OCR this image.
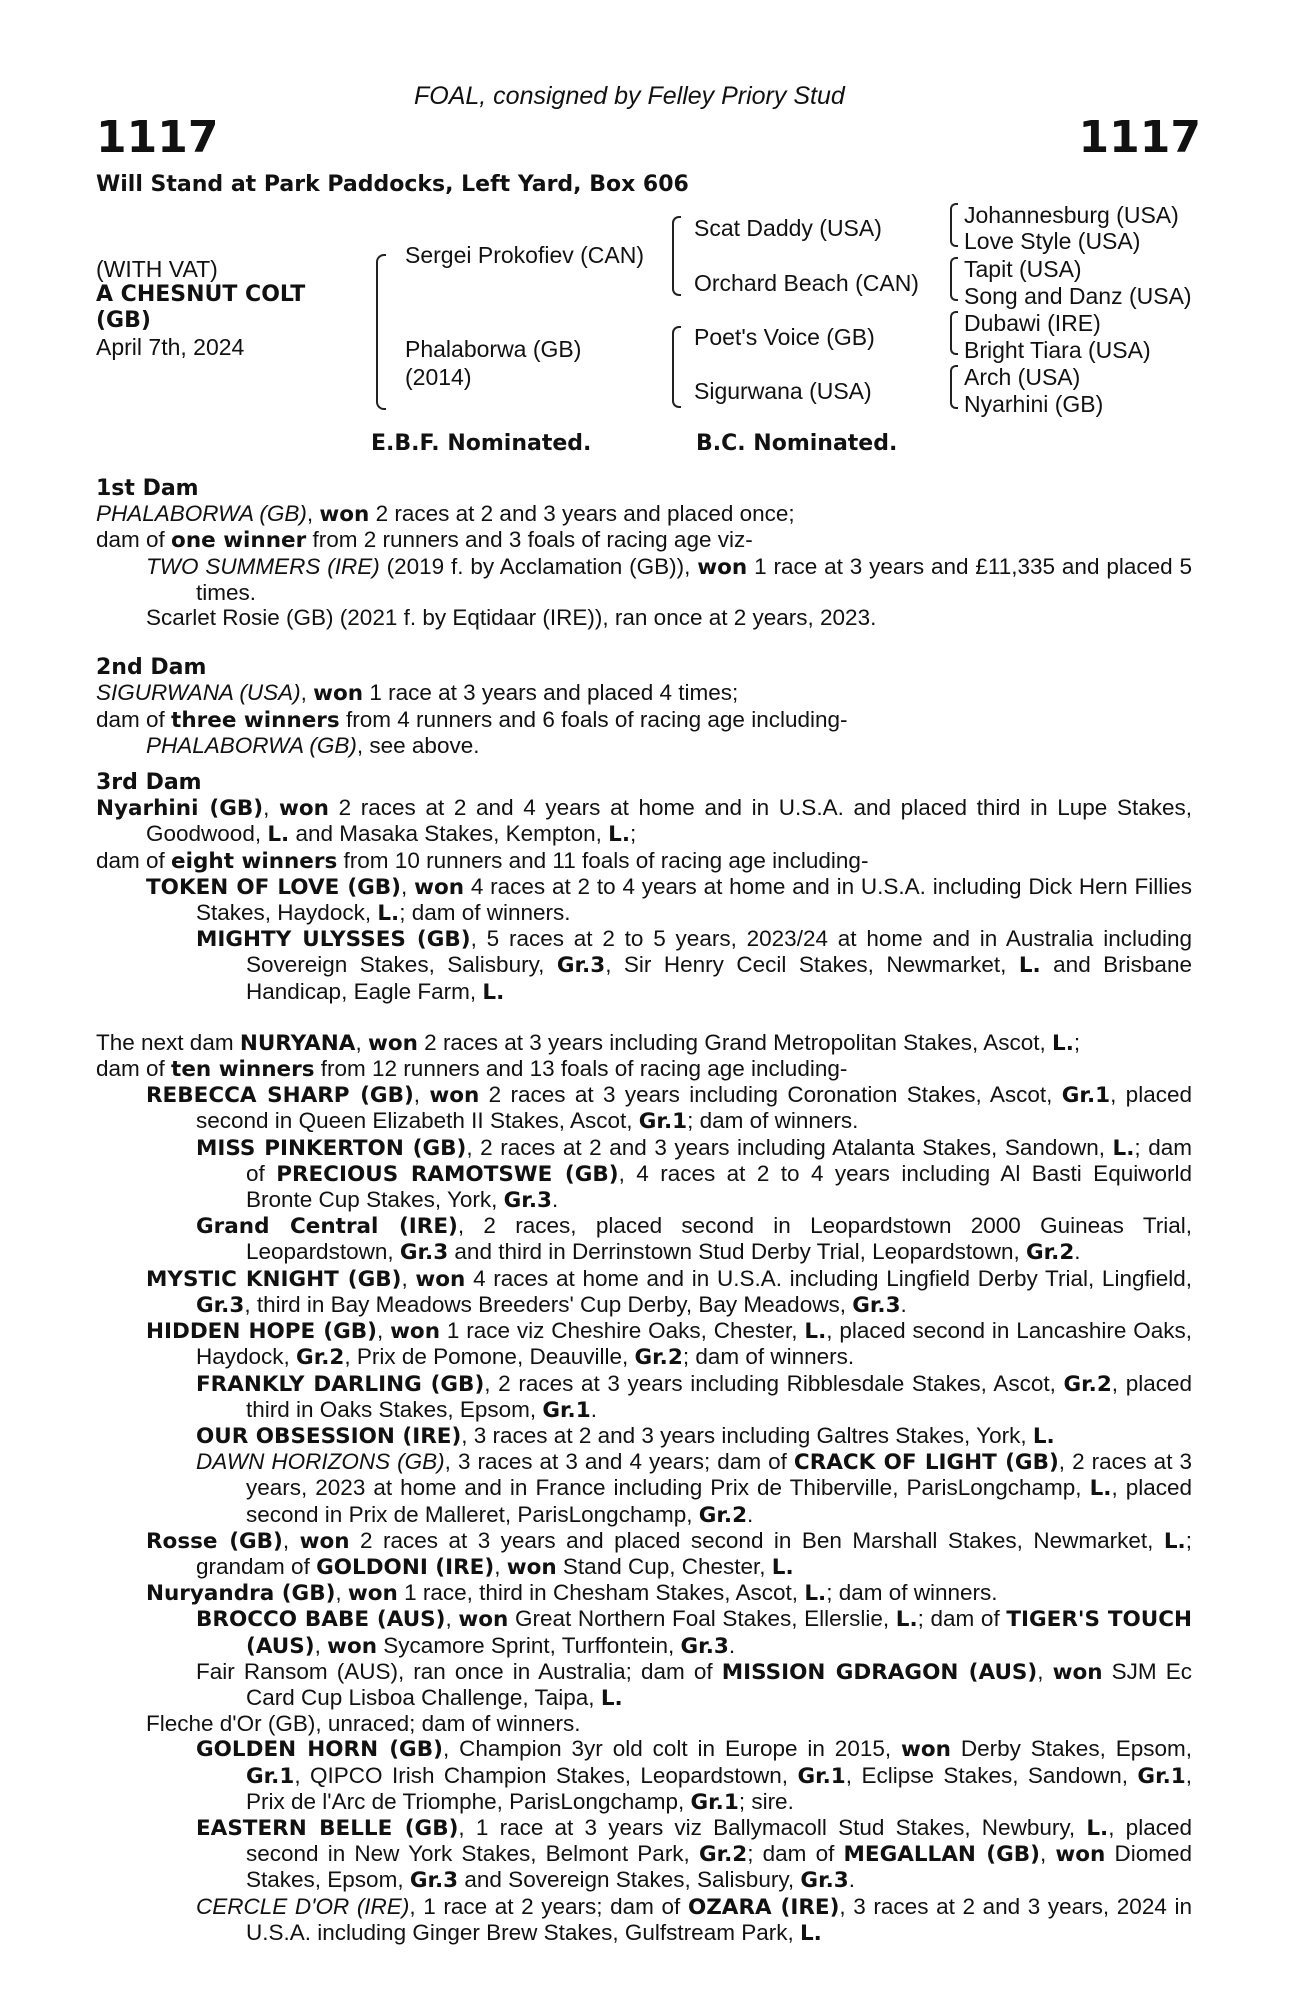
FOAL, consigned by Felley Priory Stud
1117	1117
Will Stand at Park Paddocks, Left Yard, Box 606
(WITH VAT)
A CHESNUT COLT
(GB)
April 7th, 2024
Sergei Prokofiev (CAN)
Phalaborwa (GB)
(2014)
Scat Daddy (USA)
Orchard Beach (CAN)
Poet's Voice (GB)
Sigurwana (USA)
Johannesburg (USA)
Love Style (USA)
Tapit (USA)
Song and Danz (USA)
Dubawi (IRE)
Bright Tiara (USA)
Arch (USA)
Nyarhini (GB)
E.B.F. Nominated.	B.C. Nominated.
1st Dam
PHALABORWA (GB), won 2 races at 2 and 3 years and placed once;
dam of one winner from 2 runners and 3 foals of racing age viz-
TWO SUMMERS (IRE) (2019 f. by Acclamation (GB)), won 1 race at 3 years and £11,335 and placed 5 times.
Scarlet Rosie (GB) (2021 f. by Eqtidaar (IRE)), ran once at 2 years, 2023.
2nd Dam
SIGURWANA (USA), won 1 race at 3 years and placed 4 times;
dam of three winners from 4 runners and 6 foals of racing age including-
PHALABORWA (GB), see above.
3rd Dam
Nyarhini (GB), won 2 races at 2 and 4 years at home and in U.S.A. and placed third in Lupe Stakes, Goodwood, L. and Masaka Stakes, Kempton, L.;
dam of eight winners from 10 runners and 11 foals of racing age including-
TOKEN OF LOVE (GB), won 4 races at 2 to 4 years at home and in U.S.A. including Dick Hern Fillies Stakes, Haydock, L.; dam of winners.
MIGHTY ULYSSES (GB), 5 races at 2 to 5 years, 2023/24 at home and in Australia including Sovereign Stakes, Salisbury, Gr.3, Sir Henry Cecil Stakes, Newmarket, L. and Brisbane Handicap, Eagle Farm, L.
The next dam NURYANA, won 2 races at 3 years including Grand Metropolitan Stakes, Ascot, L.;
dam of ten winners from 12 runners and 13 foals of racing age including-
REBECCA SHARP (GB), won 2 races at 3 years including Coronation Stakes, Ascot, Gr.1, placed second in Queen Elizabeth II Stakes, Ascot, Gr.1; dam of winners.
MISS PINKERTON (GB), 2 races at 2 and 3 years including Atalanta Stakes, Sandown, L.; dam of PRECIOUS RAMOTSWE (GB), 4 races at 2 to 4 years including Al Basti Equiworld Bronte Cup Stakes, York, Gr.3.
Grand Central (IRE), 2 races, placed second in Leopardstown 2000 Guineas Trial, Leopardstown, Gr.3 and third in Derrinstown Stud Derby Trial, Leopardstown, Gr.2.
MYSTIC KNIGHT (GB), won 4 races at home and in U.S.A. including Lingfield Derby Trial, Lingfield, Gr.3, third in Bay Meadows Breeders' Cup Derby, Bay Meadows, Gr.3.
HIDDEN HOPE (GB), won 1 race viz Cheshire Oaks, Chester, L., placed second in Lancashire Oaks, Haydock, Gr.2, Prix de Pomone, Deauville, Gr.2; dam of winners.
FRANKLY DARLING (GB), 2 races at 3 years including Ribblesdale Stakes, Ascot, Gr.2, placed third in Oaks Stakes, Epsom, Gr.1.
OUR OBSESSION (IRE), 3 races at 2 and 3 years including Galtres Stakes, York, L.
DAWN HORIZONS (GB), 3 races at 3 and 4 years; dam of CRACK OF LIGHT (GB), 2 races at 3 years, 2023 at home and in France including Prix de Thiberville, ParisLongchamp, L., placed second in Prix de Malleret, ParisLongchamp, Gr.2.
Rosse (GB), won 2 races at 3 years and placed second in Ben Marshall Stakes, Newmarket, L.; grandam of GOLDONI (IRE), won Stand Cup, Chester, L.
Nuryandra (GB), won 1 race, third in Chesham Stakes, Ascot, L.; dam of winners.
BROCCO BABE (AUS), won Great Northern Foal Stakes, Ellerslie, L.; dam of TIGER'S TOUCH (AUS), won Sycamore Sprint, Turffontein, Gr.3.
Fair Ransom (AUS), ran once in Australia; dam of MISSION GDRAGON (AUS), won SJM Ec Card Cup Lisboa Challenge, Taipa, L.
Fleche d'Or (GB), unraced; dam of winners.
GOLDEN HORN (GB), Champion 3yr old colt in Europe in 2015, won Derby Stakes, Epsom, Gr.1, QIPCO Irish Champion Stakes, Leopardstown, Gr.1, Eclipse Stakes, Sandown, Gr.1, Prix de l'Arc de Triomphe, ParisLongchamp, Gr.1; sire.
EASTERN BELLE (GB), 1 race at 3 years viz Ballymacoll Stud Stakes, Newbury, L., placed second in New York Stakes, Belmont Park, Gr.2; dam of MEGALLAN (GB), won Diomed Stakes, Epsom, Gr.3 and Sovereign Stakes, Salisbury, Gr.3.
CERCLE D'OR (IRE), 1 race at 2 years; dam of OZARA (IRE), 3 races at 2 and 3 years, 2024 in U.S.A. including Ginger Brew Stakes, Gulfstream Park, L.
